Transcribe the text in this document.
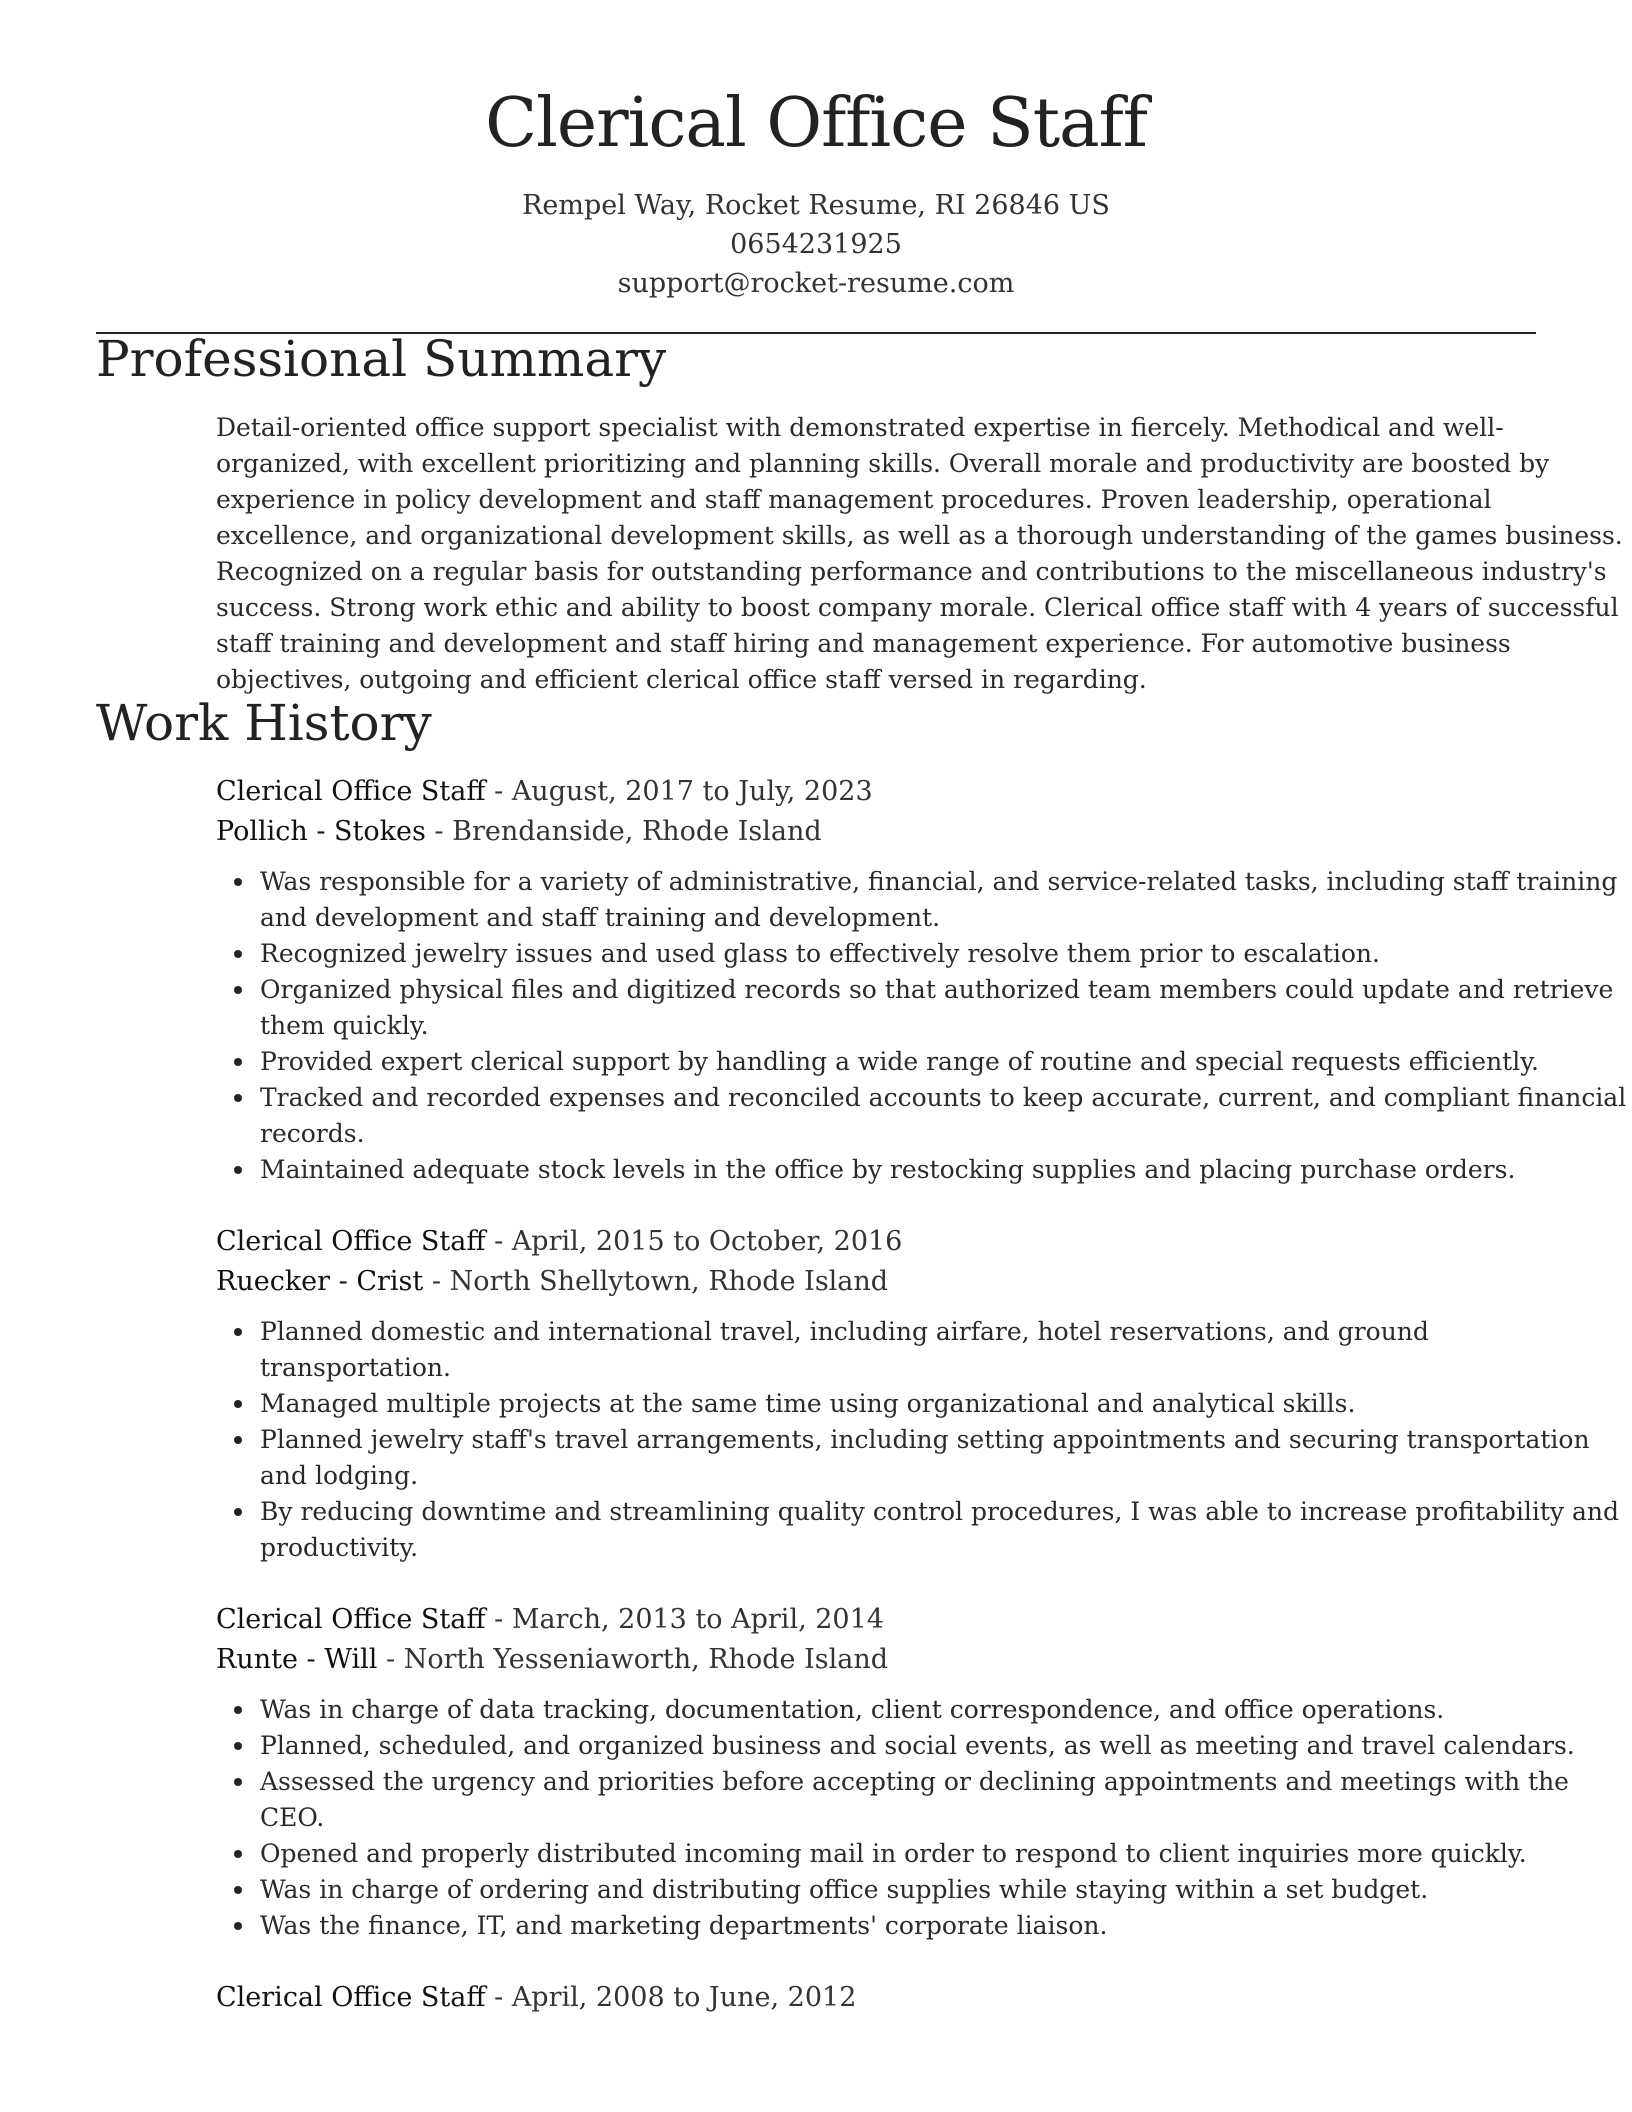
Clerical Office Staff
Rempel Way, Rocket Resume, RI 26846 US
0654231925
support@rocket-resume.com
Professional Summary
Detail-oriented office support specialist with demonstrated expertise in fiercely. Methodical and well-
organized, with excellent prioritizing and planning skills. Overall morale and productivity are boosted by
experience in policy development and staff management procedures. Proven leadership, operational
excellence, and organizational development skills, as well as a thorough understanding of the games business.
Recognized on a regular basis for outstanding performance and contributions to the miscellaneous industry's
success. Strong work ethic and ability to boost company morale. Clerical office staff with 4 years of successful
staff training and development and staff hiring and management experience. For automotive business
objectives, outgoing and efficient clerical office staff versed in regarding.
Work History
Clerical Office Staff - August, 2017 to July, 2023
Pollich - Stokes - Brendanside, Rhode Island
Was responsible for a variety of administrative, financial, and service-related tasks, including staff training
and development and staff training and development.
Recognized jewelry issues and used glass to effectively resolve them prior to escalation.
Organized physical files and digitized records so that authorized team members could update and retrieve
them quickly.
Provided expert clerical support by handling a wide range of routine and special requests efficiently.
Tracked and recorded expenses and reconciled accounts to keep accurate, current, and compliant financial
records.
Maintained adequate stock levels in the office by restocking supplies and placing purchase orders.
Clerical Office Staff - April, 2015 to October, 2016
Ruecker - Crist - North Shellytown, Rhode Island
Planned domestic and international travel, including airfare, hotel reservations, and ground
transportation.
Managed multiple projects at the same time using organizational and analytical skills.
Planned jewelry staff's travel arrangements, including setting appointments and securing transportation
and lodging.
By reducing downtime and streamlining quality control procedures, I was able to increase profitability and
productivity.
Clerical Office Staff - March, 2013 to April, 2014
Runte - Will - North Yesseniaworth, Rhode Island
Was in charge of data tracking, documentation, client correspondence, and office operations.
Planned, scheduled, and organized business and social events, as well as meeting and travel calendars.
Assessed the urgency and priorities before accepting or declining appointments and meetings with the
CEO.
Opened and properly distributed incoming mail in order to respond to client inquiries more quickly.
Was in charge of ordering and distributing office supplies while staying within a set budget.
Was the finance, IT, and marketing departments' corporate liaison.
Clerical Office Staff - April, 2008 to June, 2012
